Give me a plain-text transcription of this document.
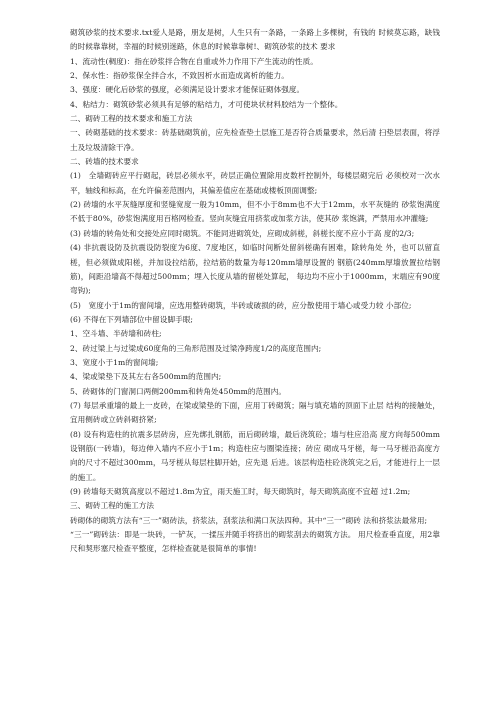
砌筑砂浆的技术要求.txt爱人是路，朋友是树，人生只有一条路，一条路上多棵树，有钱的 时候莫忘路，缺钱的时候靠靠树，幸福的时候别迷路，休息的时候靠靠树!、砌筑砂浆的技术 要求

1、流动性(稠度)：指在砂浆拌合物在自重或外力作用下产生流动的性质。

2、保水性：指砂浆保全拌合水，不致因析水而造成离析的能力。

3、强度：硬化后砂浆的强度，必须满足设计要求才能保证砌体强度。

4、粘结力：砌筑砂浆必须具有足够的粘结力，才可使块状材料胶结为一个整体。

二、砌砖工程的技术要求和施工方法

一、砖砌基础的技术要求：砖基础砌筑前，应先检查垫土层施工是否符合质量要求，然后清 扫垫层表面，将浮土及垃圾清除干净。

二、砖墙的技术要求

(1)　全墙砌砖应平行砌起，砖层必须水平，砖层正确位置除用皮数杆控制外，每楼层砌完后 必须校对一次水平，轴线和标高，在允许偏差范围内，其偏差值应在基础或楼板顶面调整;

(2) 砖墙的水平灰缝厚度和竖缝宽度一般为10mm，但不小于8mm也不大于12mm，水平灰缝的 砂浆饱满度不低于80%，砂浆饱满度用百格网检查。竖向灰缝宜用挤浆或加浆方法，使其砂 浆饱满，严禁用水冲灌缝;

(3) 砖墙的转角处和交接处应同时砌筑。不能同进砌筑处，应砌成斜槎，斜槎长度不应小于高 度的2/3;

(4) 非抗震设防及抗震设防裂度为6度、7度地区，如临时间断处留斜槎确有困难，除转角处 外，也可以留直槎，但必须做成阳槎，并加设拉结筋，拉结筋的数量为每120mm墙厚设置的 钢筋(240mm厚墙放置拉结钢筋)，间距沿墙高不得超过500mm；埋入长度从墙的留槎处算起， 每边均不应小于1000mm，末端应有90度弯钩);

(5)　宽度小于1m的窗间墙，应选用整砖砌筑，半砖或破损的砖，应分散使用于墙心或受力较 小部位;

(6) 不得在下列墙部位中留设脚手眼;

1、空斗墙、半砖墙和砖柱;

2、砖过梁上与过梁成60度角的三角形范围及过梁净跨度1/2的高度范围内;

3、宽度小于1m的窗间墙;

4、梁或梁垫下及其左右各500mm的范围内;

5、砖砌体的门窗洞口两侧200mm和转角处450mm的范围内。

(7) 每层承重墙的最上一皮砖，在梁或梁垫的下面，应用丁砖砌筑；隔与填充墙的顶面下止层 结构的接触处，宜用侧砖或立砖斜砌挤紧;

(8) 设有构造柱的抗震多层砖房，应先绑扎钢筋，而后砌砖墙，最后浇筑砼；墙与柱应沿高 度方向每500mm设钢筋(一砖墙)，每边伸入墙内不应小于1m；构造柱应与圈梁连接；砖应 砌成马牙槎，每一马牙槎沿高度方向的尺寸不超过300mm，马牙槎从每层柱脚开始，应先退 后进。该层构造柱砼浇筑完之后，才能进行上一层的施工。

(9) 砖墙每天砌筑高度以不超过1.8m为宜，雨天施工时，每天砌筑时，每天砌筑高度不宜超 过1.2m;

三、砌砖工程的施工方法

砖砌体的砌筑方法有“三一”砌砖法，挤浆法，刮浆法和满口灰法四种。其中“三一”砌砖 法和挤浆法最常用;

“三一”砌砖法：即是一块砖，一铲灰，一揉压并随手将挤出的砌浆刮去的砌筑方法。 用尺检查垂直度，用2靠尺和契形塞尺检查平整度，怎样检查就是很简单的事情!
